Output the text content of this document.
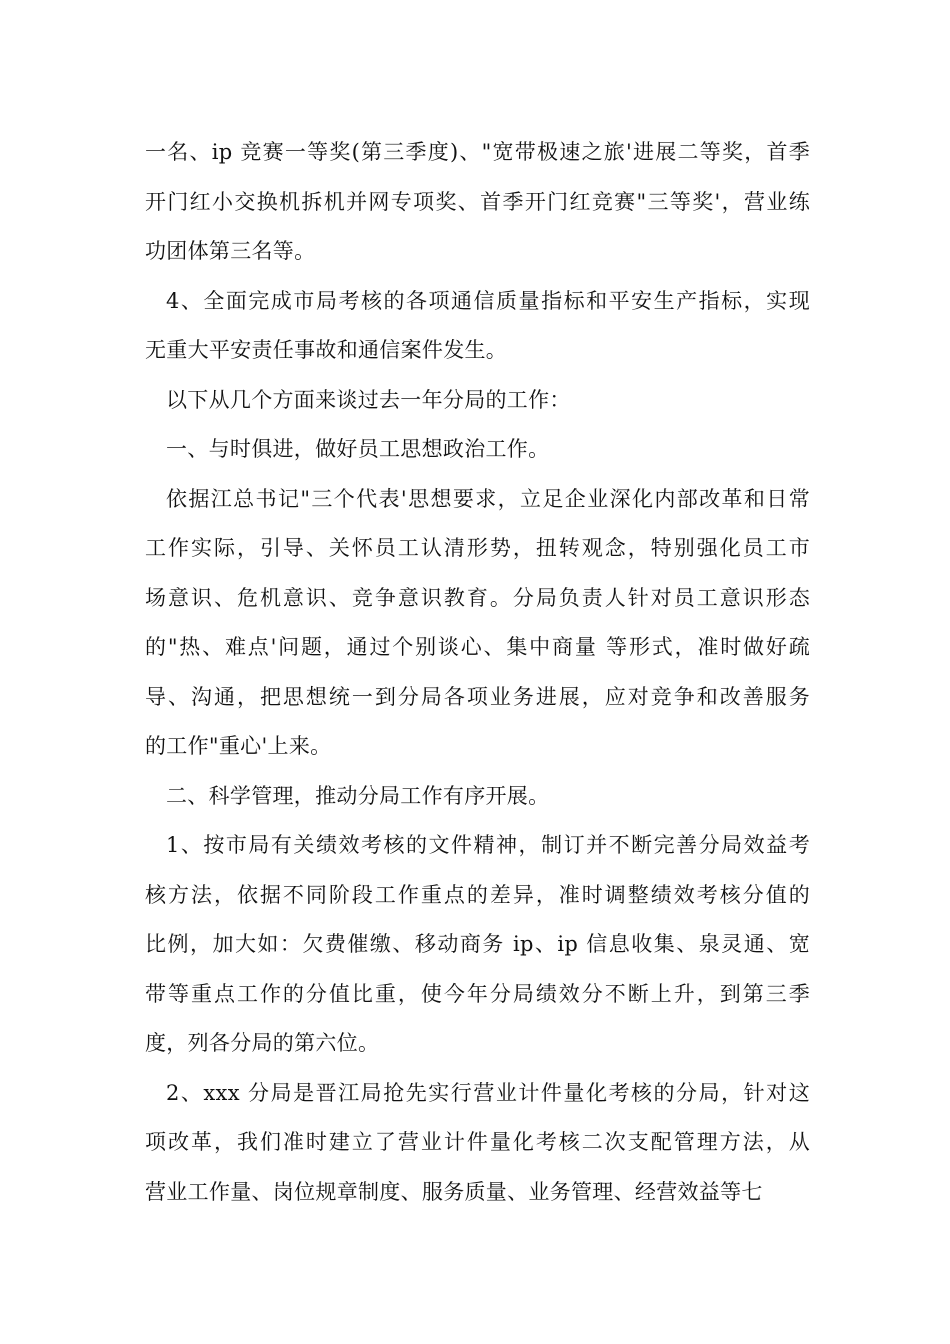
一名、ip 竞赛一等奖(第三季度)、"宽带极速之旅'进展二等奖，首季
开门红小交换机拆机并网专项奖、首季开门红竞赛"三等奖'，营业练
功团体第三名等。
4、全面完成市局考核的各项通信质量指标和平安生产指标，实现
无重大平安责任事故和通信案件发生。
以下从几个方面来谈过去一年分局的工作：
一、与时俱进，做好员工思想政治工作。
依据江总书记"三个代表'思想要求，立足企业深化内部改革和日常
工作实际，引导、关怀员工认清形势，扭转观念，特别强化员工市
场意识、危机意识、竞争意识教育。分局负责人针对员工意识形态
的"热、难点'问题，通过个别谈心、集中商量 等形式，准时做好疏
导、沟通，把思想统一到分局各项业务进展，应对竞争和改善服务
的工作"重心'上来。
二、科学管理，推动分局工作有序开展。
1、按市局有关绩效考核的文件精神，制订并不断完善分局效益考
核方法，依据不同阶段工作重点的差异，准时调整绩效考核分值的
比例，加大如：欠费催缴、移动商务 ip、ip 信息收集、泉灵通、宽
带等重点工作的分值比重，使今年分局绩效分不断上升，到第三季
度，列各分局的第六位。
2、xxx 分局是晋江局抢先实行营业计件量化考核的分局，针对这
项改革，我们准时建立了营业计件量化考核二次支配管理方法，从
营业工作量、岗位规章制度、服务质量、业务管理、经营效益等七
